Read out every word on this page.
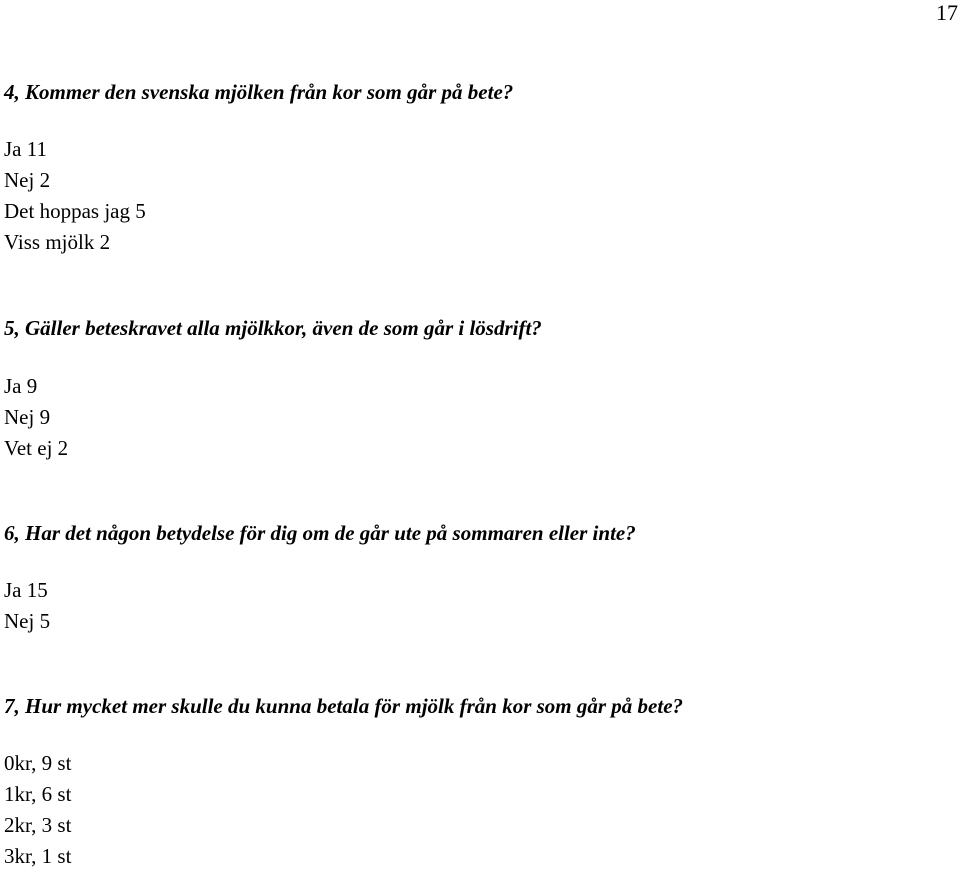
17

4, Kommer den svenska mjölken från kor som går på bete?

Ja 11

Nej 2

Det hoppas jag 5

Viss mjölk 2

5, Gäller beteskravet alla mjölkkor, även de som går i lösdrift?

Ja 9

Nej 9

Vet ej 2

6, Har det någon betydelse för dig om de går ute på sommaren eller inte?

Ja 15

Nej 5

7, Hur mycket mer skulle du kunna betala för mjölk från kor som går på bete?

0kr, 9 st

1kr, 6 st

2kr, 3 st

3kr, 1 st
